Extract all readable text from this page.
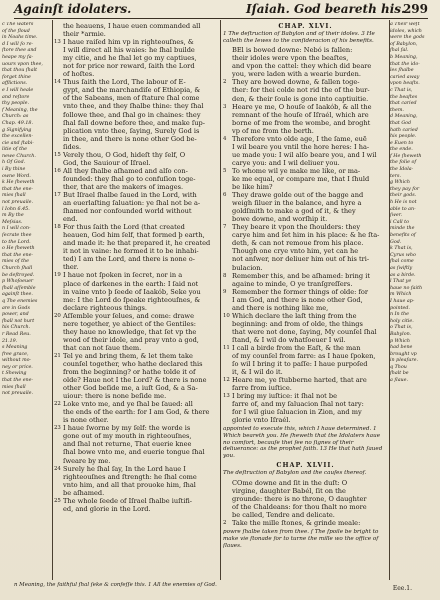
Againſt idolaters.	Iſaiah. God beareth his.
299
c The waters
of the floud
in Noahs time.
d I will ſo re-
ſtore thee and
heape my fa-
uours vpon thee,
that thou ſhalt
forget thine
afflictions.
e I will heale
and reſtore
thy people.
f Meaning, the
Church: as
Chap. 49.18.
g Signifying
the excellen-
cie and ſtabi-
litie of the
newe Church.
h Of God.
i By thine
owne Word.
k He ſheweth
that the ene-
mies ſhall
not preuaile.
l Iohn 6.45.
m By the
Meſsias.
n I will con-
ſecrate thee
to the Lord.
o He ſheweth
that the ene-
mies of the
Church ſhall
be deſtroyed.
p Whoſoeuer
ſhall aſſemble
againſt thee.
q The enemies
are in Gods
power, and
ſhall not hurt
his Church.
r Read Reu.
21.19.
s Meaning
free grace,
without mo-
ney or price.
t Shewing
that the ene-
mies ſhall
not preuaile.
the heauens, I haue euen commanded all
their *armie.
13 I haue raiſed him vp in righteouſnes, &
I will direct all his waies: he ſhal builde
my citie, and he ſhal let go my captiues,
not for price nor reward, ſaith the Lord
of hoſtes.
14 Thus ſaith the Lord, The labour of E-
gypt, and the marchandiſe of Ethiopia, &
of the Sabeans, men of ſtature ſhal come
vnto thee, and they ſhalbe thine: they ſhal
followe thee, and ſhal go in chaines: they
ſhal fall downe before thee, and make ſup-
plication vnto thee, ſaying, Surely God is
in thee, and there is none other God be-
ſides.
15 Verely thou, O God, hideſt thy ſelf, O
God, the Sauiour of Iſrael.
16 All they ſhalbe aſhamed and alſo con-
founded: they ſhal go to confuſion toge-
ther, that are the makers of images.
17 But Iſrael ſhalbe ſaued in the Lord, with
an euerlaſting ſaluation: ye ſhal not be a-
ſhamed nor confounded world without
end.
18 For thus ſaith the Lord (that created
heauen, God him ſelf, that formed þ earth,
and made it: he that prepared it, he created
it not in vaine: he formed it to be inhabi-
ted) I am the Lord, and there is none o-
ther.
19 I haue not ſpoken in ſecret, nor in a
place of darkenes in the earth: I ſaid not
in vaine vnto þ ſeede of Iaakób, Seke you
me: I the Lord do ſpeake righteouſnes, &
declare righteous things.
20 Aſſemble your ſelues, and come: drawe
nere together, ye abiect of the Gentiles:
they haue no knowledge, that ſet vp the
wood of their idole, and pray vnto a god,
that can not ſaue them.
21 Tel ye and bring them, & let them take
counſel together, who hathe declared this
from the beginning? or hathe tolde it of
olde? Haue not I the Lord? & there is none
other God beſide me, a iuſt God, & a Sa-
uiour: there is none beſide me.
22 Loke vnto me, and ye ſhal be ſaued: all
the ends of the earth: for I am God, & there
is none other.
23 I haue ſworne by my ſelf: the worde is
gone out of my mouth in righteouſnes,
and ſhal not returne, That euerie knee
ſhal bowe vnto me, and euerie tongue ſhal
ſweare by me.
24 Surely he ſhal ſay, In the Lord haue I
righteouſnes and ſtrength: he ſhal come
vnto him, and all that prouoke him, ſhal
be aſhamed.
25 The whole ſeede of Iſrael ſhalbe iuſtifi-
ed, and glorie in the Lord.
CHAP. XLVI.
1 The deſtruction of Babylon and of their idoles. 3 He calleth the Iewes to the conſideracion of his benefits.
BEl is bowed downe: Nebó is fallen:
their idoles were vpon the beaſtes,
and vpon the cattel: they which did beare
you, were laden with a wearie burden.
2 They are bowed downe, & fallen toge-
ther: for thei colde not rid the of the bur-
den, & their ſoule is gone into captiuitie.
3 Heare ye me, O houſe of Iaakób, & all the
remnant of the houſe of Iſraél, which are
borne of me from the wombe, and broght
vp of me from the berth.
4 Therefore vnto olde age, I the ſame, euẽ
I wil beare you vntil the hore heres: I ha-
ue made you: I wil alſo beare you, and I wil
carye you: and I wil deliuer you.
5 To whome wil ye make me like, or ma-
ke me equal, or compare me, that I ſhuld
be like him?
6 They drawe golde out of the bagge and
weigh ſiluer in the balance, and hyre a
goldſmith to make a god of it, & they
bowe downe, and worſhip it.
7 They beare it vpon the ſhoulders: they
carye him and ſet him in his place: & he ſta-
deth, & can not remoue from his place.
Though one crye vnto him, yet can he
not anſwer, nor deliuer him out of his tri-
bulacion.
8 Remember this, and be aſhamed: bring it
againe to minde, O ye tranſgreſſers.
9 Remember the former things of olde: for
I am God, and there is none other God,
and there is nothing like me,
10 Which declare the laſt thing from the
beginning: and from of olde, the things
that were not done, ſaying, My counſel ſhal
ſtand, & I wil do whatſoeuer I wil.
11 I call a birde from the Eaſt, & the man
of my counſel from farre: as I haue ſpoken,
ſo wil I bring it to paſſe: I haue purpoſed
it, & I wil do it.
12 Heare me, ye ſtubberne harted, that are
farre from iuſtice.
13 I bring my iuſtice: it ſhal not be
farre of, and my ſaluacion ſhal not tary:
for I wil giue ſaluacion in Zion, and my
glorie vnto Iſraél.
appointed to execute this, which I haue determined. 1 Which beareth you. He ſheweth that the Idolaters haue no comfort, becauſe thei ſee no ſignes of their deliuerance: as the prophet ſaith. 13 He that hath ſaued you.
CHAP. XLVII.
The deſtruction of Babylon and the cauſes thereof.
COme downe and ſit in the duſt: O
virgine, daughter Babél, ſit on the
grounde: there is no throne, O daughter
of the Chaldeans: for thou ſhalt no more
be called, Tendre and delicate.
2 Take the mille ſtones, & grinde meale:
powre ſhalbe taken from thee. ſ The ſpoile be bright to make vie ſtonade for to turne the mille wo the office of ſlaues.
a Their weſt
idoles, which
were the gods
of Babylon,
ſhal fal.
b Meaning,
that the ido-
les ſhalbe
caried away
vpon beaſts.
c That is,
the beaſtes
that caried
them.
d Meaning,
that God
hath caried
his people.
e Euen to
the ende.
f He ſheweth
the folie of
the Idola-
ters.
g Which
they pay for
their gods.
h He is not
able to an-
ſwer.
i Call to
minde the
benefits of
God.
k That is,
Cyrus who
ſhal come
as ſwiftly
as a birde.
l That ye
haue no faith
m Which
I haue ap-
pointed.
n In the
holy citie.
o That is,
Babylon.
p Which
had bene
brought vp
in pleaſure.
q Thou
ſhalt be
a ſlaue.
n Meaning, the faithful ſhal ſeke & confeſſe this. 1 All the enemies of God.	Eee.1.
